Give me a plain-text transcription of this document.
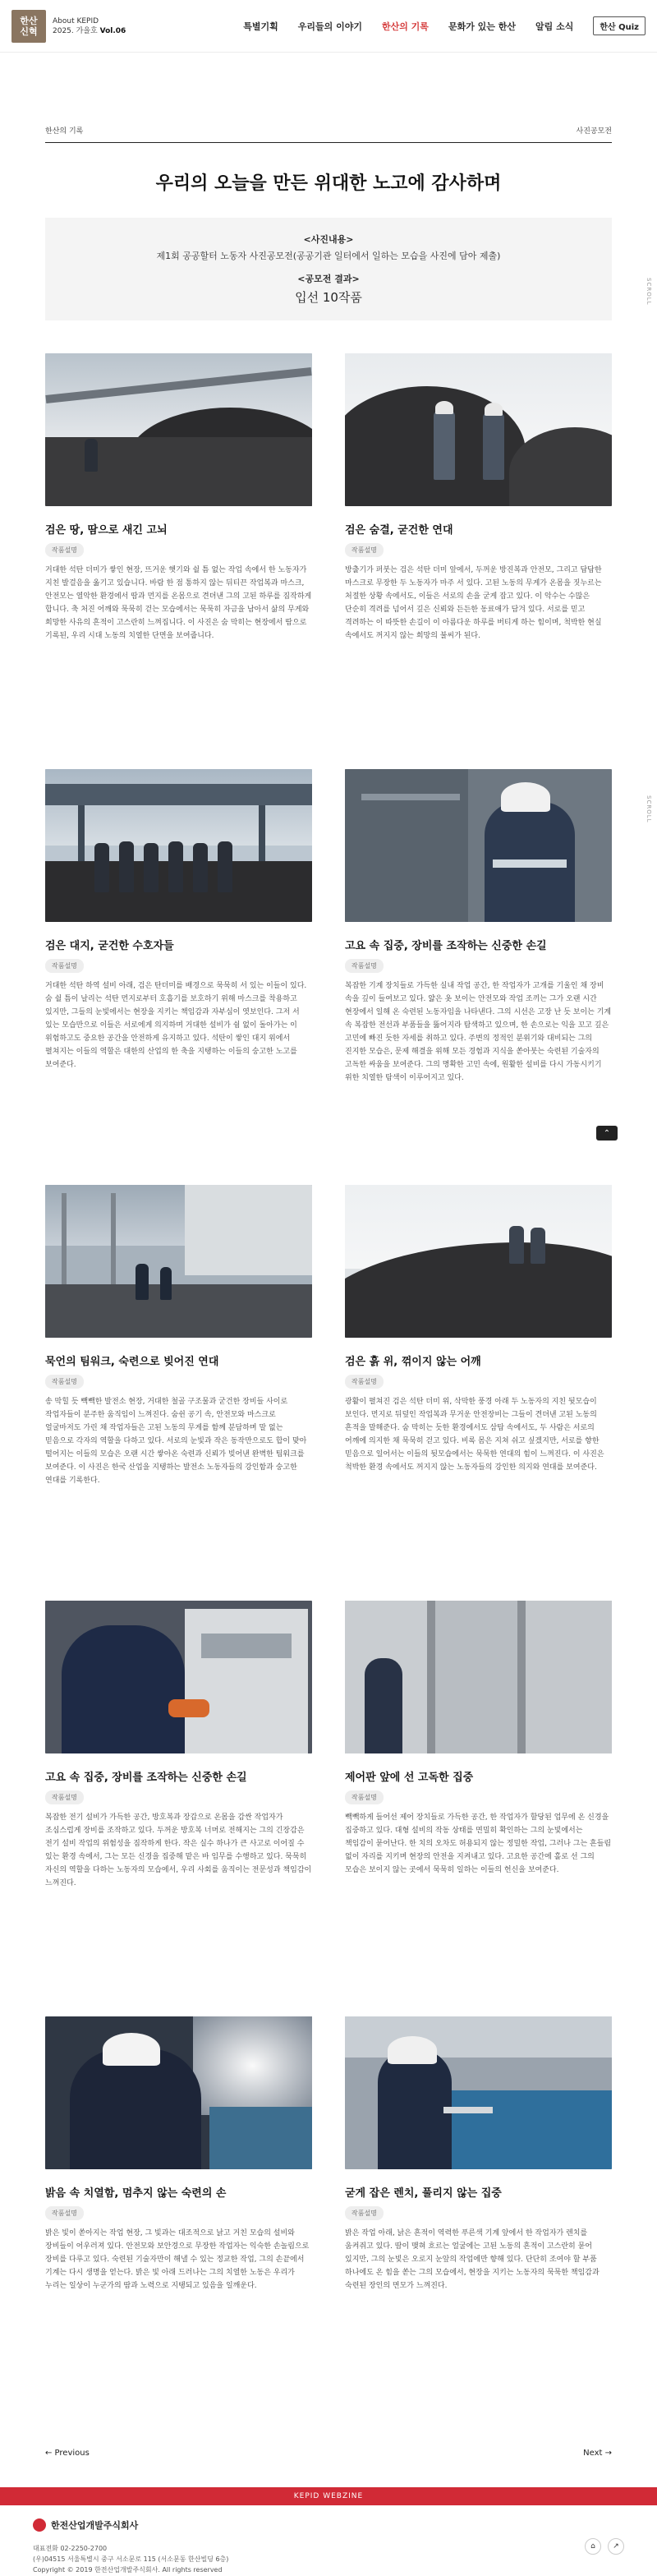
한산
신혁
About KEPID
2025. 가을호 Vol.06	특별기획 우리들의 이야기 한산의 기록 문화가 있는 한산 알림 소식	한산 Quiz
SCROLL
SCROLL
⌃
한산의 기록	사진공모전
우리의 오늘을 만든 위대한 노고에 감사하며
<사진내용>
제1회 공공할터 노동자 사진공모전(공공기관 일터에서 일하는 모습을 사진에 담아 제출)
<공모전 결과>
입선 10작품
검은 땅, 땀으로 새긴 고뇌
작품설명

거대한 석탄 더미가 쌓인 현장, 뜨거운 햇기와 쉴 틈 없는 작업 속에서 한 노동자가 지친 발걸음을 옮기고 있습니다. 바람 한 점 통하지 않는 뒤티끈 작업복과 마스크, 안전모는 열악한 환경에서 땀과 먼지를 온몸으로 견뎌낸 그의 고된 하루를 짐작하게 합니다. 축 처진 어깨와 묵묵히 걷는 모습에서는 묵묵히 자금을 남아서 삶의 무게와 희망한 사유의 흔적이 고스란히 느껴집니다. 이 사진은 숨 막히는 현장에서 땀으로 기록된, 우리 시대 노동의 치열한 단면을 보여줍니다.

검은 숨결, 굳건한 연대
작품설명

방출기가 퍼붓는 검은 석탄 더미 앞에서, 두꺼운 방진복과 안전모, 그리고 답답한 마스크로 무장한 두 노동자가 마주 서 있다. 고된 노동의 무게가 온몸을 짓누르는 처절한 상황 속에서도, 이들은 서로의 손을 굳게 잡고 있다. 이 악수는 수많은 단순히 격려를 넘어서 깊은 신뢰와 든든한 동료애가 담겨 있다. 서로를 믿고 격려하는 이 따뜻한 손길이 이 아름다운 하루를 버티게 하는 힘이며, 척박한 현실 속에서도 꺼지지 않는 희망의 불씨가 된다.

검은 대지, 굳건한 수호자들
작품설명

거대한 석탄 하역 설비 아래, 검은 탄더미를 배경으로 묵묵히 서 있는 이들이 있다. 숨 쉴 틈이 날리는 석탄 먼지로부터 호흡기를 보호하기 위해 마스크를 착용하고 있지만, 그들의 눈빛에서는 현장을 지키는 책임감과 자부심이 엿보인다. 그저 서 있는 모습만으로 이들은 서로에게 의지하며 거대한 설비가 쉼 없이 돌아가는 이 위험하고도 중요한 공간을 안전하게 유지하고 있다. 석탄이 쌓인 대지 위에서 펼쳐지는 이들의 역할은 대한의 산업의 한 축을 지탱하는 이들의 숭고한 노고를 보여준다.

고요 속 집중, 장비를 조작하는 신중한 손길
작품설명

복잡한 기계 장치들로 가득한 실내 작업 공간, 한 작업자가 고개를 기울인 채 장비 속을 깊이 들여보고 있다. 얇은 옷 보이는 안전모와 작업 조끼는 그가 오랜 시간 현장에서 일해 온 숙련된 노동자임을 나타낸다. 그의 시선은 고장 난 듯 보이는 기계 속 복잡한 전선과 부품들을 뚫어지라 탐색하고 있으며, 한 손으로는 익을 꼬고 깊은 고민에 빠진 듯한 자세를 취하고 있다. 주변의 정적인 분위기와 대비되는 그의 진지한 모습은, 문제 해결을 위해 모든 경험과 지식을 쏟아붓는 숙련된 기술자의 고독한 싸움을 보여준다. 그의 명확한 고민 속에, 원활한 설비를 다시 가동시키기 위한 치열한 탐색이 이루어지고 있다.

묵언의 팀워크, 숙련으로 빚어진 연대
작품설명

송 막힐 듯 빽빽한 발전소 현장, 거대한 철골 구조물과 굳건한 장비들 사이로 작업자들이 분주한 움직임이 느껴진다. 숨쉰 공기 속, 안전모와 마스크로 얼굴마저도 가린 채 작업자들은 고된 노동의 무게를 함께 분담하며 말 없는 믿음으로 각자의 역할을 다하고 있다. 서로의 눈빛과 작은 동작만으로도 합이 맞아 떨어지는 이들의 모습은 오랜 시간 쌓아온 숙련과 신뢰가 빚어낸 완벽한 팀워크를 보여준다. 이 사진은 한국 산업을 지탱하는 발전소 노동자들의 강인함과 숭고한 연대를 기록한다.

검은 흙 위, 꺾이지 않는 어깨
작품설명

광활이 펼쳐진 검은 석탄 더미 위, 삭막한 풍경 아래 두 노동자의 지친 뒷모습이 보인다. 먼지로 뒤덮인 작업복과 무거운 안전장비는 그들이 견뎌낸 고된 노동의 흔적을 말해준다. 숨 막히는 듯한 환경에서도 삼탑 속에서도, 두 사람은 서로의 어깨에 의지한 채 묵묵히 걷고 있다. 비록 몸은 지쳐 쉬고 싶겠지만, 서로를 향한 믿음으로 일어서는 이들의 뒷모습에서는 묵묵한 연대의 힘이 느껴진다. 이 사진은 척박한 환경 속에서도 꺼지지 않는 노동자들의 강인한 의지와 연대를 보여준다.

고요 속 집중, 장비를 조작하는 신중한 손길
작품설명

복잡한 전기 설비가 가득한 공간, 방호복과 장갑으로 온몸을 감싼 작업자가 조심스럽게 장비를 조작하고 있다. 두꺼운 방호복 너머로 전해지는 그의 긴장감은 전기 설비 작업의 위험성을 짐작하게 한다. 작은 실수 하나가 큰 사고로 이어질 수 있는 환경 속에서, 그는 모든 신경을 집중해 맡은 바 임무를 수행하고 있다. 묵묵히 자신의 역할을 다하는 노동자의 모습에서, 우리 사회를 움직이는 전문성과 책임감이 느껴진다.

제어판 앞에 선 고독한 집중
작품설명

빽빽하게 들어선 제어 장치들로 가득한 공간, 한 작업자가 할당된 업무에 온 신경을 집중하고 있다. 대형 설비의 작동 상태를 면밀히 확인하는 그의 눈빛에서는 책임감이 묻어난다. 한 치의 오차도 허용되지 않는 정밀한 작업, 그러나 그는 흔들림 없이 자리를 지키며 현장의 안전을 지켜내고 있다. 고요한 공간에 홀로 선 그의 모습은 보이지 않는 곳에서 묵묵히 일하는 이들의 헌신을 보여준다.

밝음 속 치열함, 멈추지 않는 숙련의 손
작품설명

밝은 빛이 쏟아지는 작업 현장, 그 빛과는 대조적으로 낡고 거친 모습의 설비와 장비들이 어우러져 있다. 안전모와 보안경으로 무장한 작업자는 익숙한 손놀림으로 장비를 다루고 있다. 숙련된 기술자만이 해낼 수 있는 정교한 작업, 그의 손끝에서 기계는 다시 생명을 얻는다. 밝은 빛 아래 드러나는 그의 치열한 노동은 우리가 누리는 일상이 누군가의 땀과 노력으로 지탱되고 있음을 일깨운다.

굳게 잡은 렌치, 풀리지 않는 집중
작품설명

밝은 작업 아래, 낡은 흔적이 역력한 푸른색 기계 앞에서 한 작업자가 렌치를 움켜쥐고 있다. 땀이 맺혀 흐르는 얼굴에는 고된 노동의 흔적이 고스란히 묻어 있지만, 그의 눈빛은 오로지 눈앞의 작업에만 향해 있다. 단단히 조여야 할 부품 하나에도 온 힘을 쏟는 그의 모습에서, 현장을 지키는 노동자의 묵묵한 책임감과 숙련된 장인의 면모가 느껴진다.

← Previous	Next →
KEPID WEBZINE
한전산업개발주식회사
대표전화 02-2250-2700
(우)04515 서울특별시 중구 서소문로 115 (서소문동 한산빌딩 6층)
Copyright © 2019 한전산업개발주식회사. All rights reserved
⌂	↗
